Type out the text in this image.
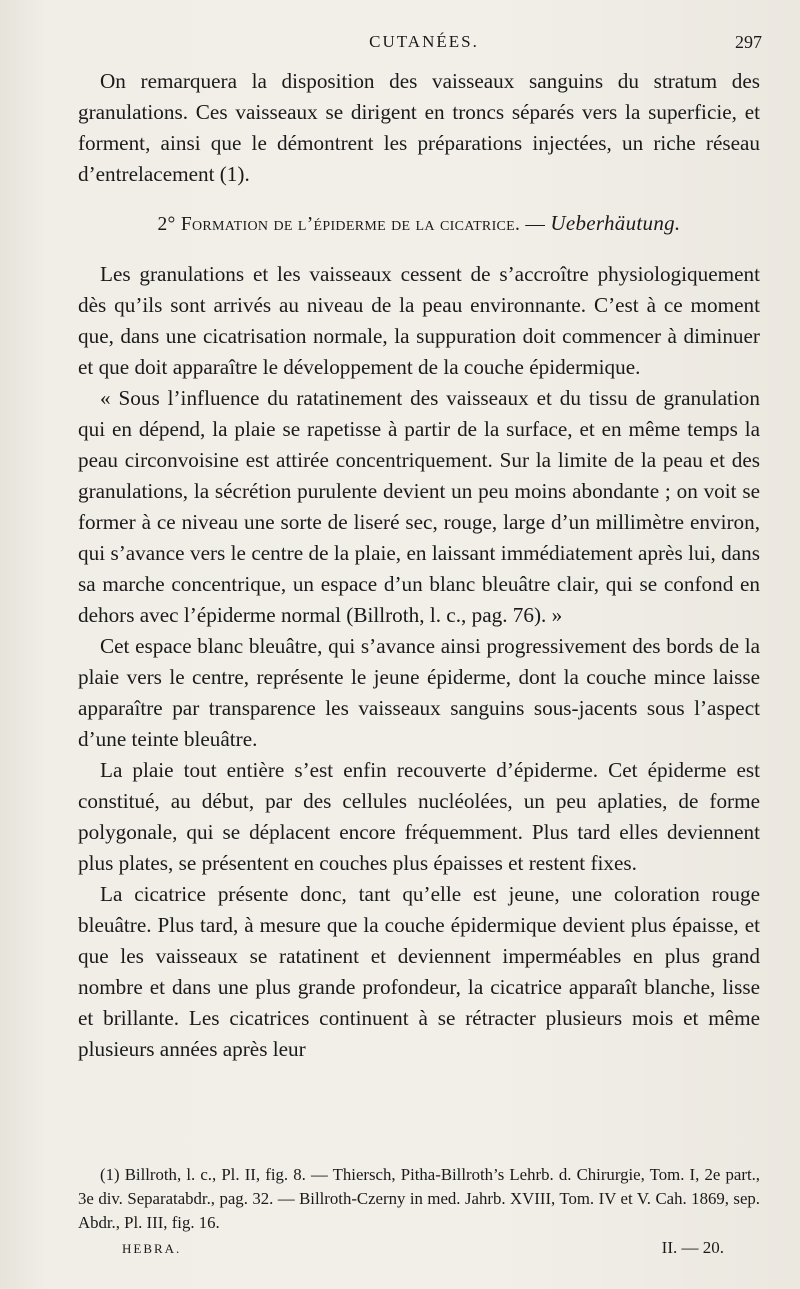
CUTANÉES.	297

On remarquera la disposition des vaisseaux sanguins du stratum des granulations. Ces vaisseaux se dirigent en troncs séparés vers la superficie, et forment, ainsi que le démontrent les préparations injectées, un riche réseau d’entrelacement (1).

2° Formation de l’épiderme de la cicatrice. — Ueberhäutung.

Les granulations et les vaisseaux cessent de s’accroître physiologiquement dès qu’ils sont arrivés au niveau de la peau environnante. C’est à ce moment que, dans une cicatrisation normale, la suppuration doit commencer à diminuer et que doit apparaître le développement de la couche épidermique.

« Sous l’influence du ratatinement des vaisseaux et du tissu de granulation qui en dépend, la plaie se rapetisse à partir de la surface, et en même temps la peau circonvoisine est attirée concentriquement. Sur la limite de la peau et des granulations, la sécrétion purulente devient un peu moins abondante ; on voit se former à ce niveau une sorte de liseré sec, rouge, large d’un millimètre environ, qui s’avance vers le centre de la plaie, en laissant immédiatement après lui, dans sa marche concentrique, un espace d’un blanc bleuâtre clair, qui se confond en dehors avec l’épiderme normal (Billroth, l. c., pag. 76). »

Cet espace blanc bleuâtre, qui s’avance ainsi progressivement des bords de la plaie vers le centre, représente le jeune épiderme, dont la couche mince laisse apparaître par transparence les vaisseaux sanguins sous-jacents sous l’aspect d’une teinte bleuâtre.

La plaie tout entière s’est enfin recouverte d’épiderme. Cet épiderme est constitué, au début, par des cellules nucléolées, un peu aplaties, de forme polygonale, qui se déplacent encore fréquemment. Plus tard elles deviennent plus plates, se présentent en couches plus épaisses et restent fixes.

La cicatrice présente donc, tant qu’elle est jeune, une coloration rouge bleuâtre. Plus tard, à mesure que la couche épidermique devient plus épaisse, et que les vaisseaux se ratatinent et deviennent imperméables en plus grand nombre et dans une plus grande profondeur, la cicatrice apparaît blanche, lisse et brillante. Les cicatrices continuent à se rétracter plusieurs mois et même plusieurs années après leur

(1) Billroth, l. c., Pl. II, fig. 8. — Thiersch, Pitha-Billroth’s Lehrb. d. Chirurgie, Tom. I, 2e part., 3e div. Separatabdr., pag. 32. — Billroth-Czerny in med. Jahrb. XVIII, Tom. IV et V. Cah. 1869, sep. Abdr., Pl. III, fig. 16.

HEBRA.	II. — 20.
